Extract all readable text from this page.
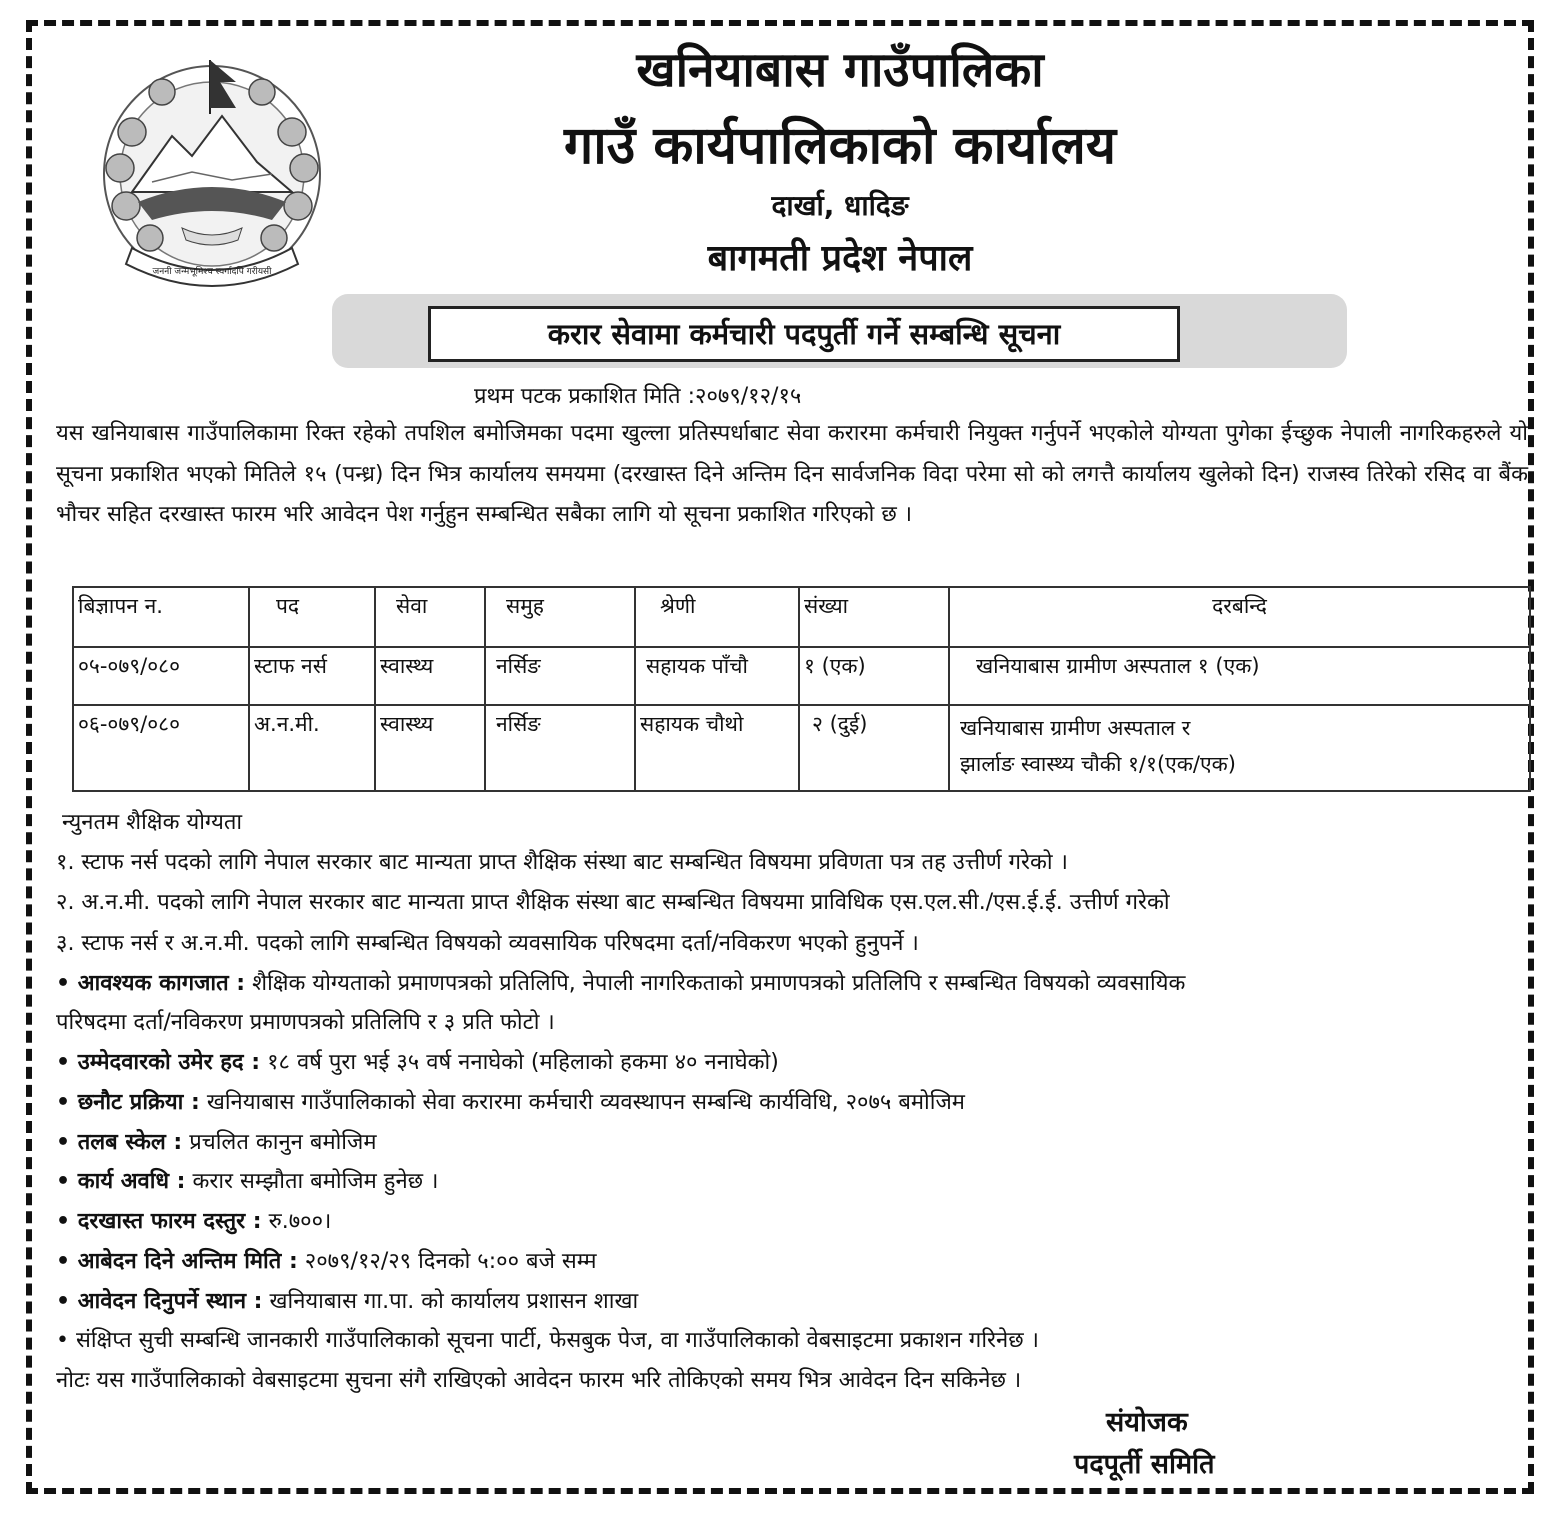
जननी जन्मभूमिश्च स्वर्गादपि गरीयसी
खनियाबास गाउँपालिका
गाउँ कार्यपालिकाको कार्यालय
दार्खा, धादिङ
बागमती प्रदेश नेपाल
करार सेवामा कर्मचारी पदपुर्ती गर्ने सम्बन्धि सूचना
प्रथम पटक प्रकाशित मिति :२०७९/१२/१५
यस खनियाबास गाउँपालिकामा रिक्त रहेको तपशिल बमोजिमका पदमा खुल्ला प्रतिस्पर्धाबाट सेवा करारमा कर्मचारी नियुक्त गर्नुपर्ने भएकोले योग्यता पुगेका ईच्छुक नेपाली नागरिकहरुले यो सूचना प्रकाशित भएको मितिले १५ (पन्ध्र) दिन भित्र कार्यालय समयमा (दरखास्त दिने अन्तिम दिन सार्वजनिक विदा परेमा सो को लगत्तै कार्यालय खुलेको दिन) राजस्व तिरेको रसिद वा बैंक भौचर सहित दरखास्त फारम भरि आवेदन पेश गर्नुहुन सम्बन्धित सबैका लागि यो सूचना प्रकाशित गरिएको छ ।
बिज्ञापन न.	पद	सेवा	समुह	श्रेणी	संख्या	दरबन्दि
०५-०७९/०८०	स्टाफ नर्स	स्वास्थ्य	नर्सिङ	सहायक पाँचौ	१ (एक)	खनियाबास ग्रामीण अस्पताल १ (एक)

०६-०७९/०८०	अ.न.मी.	स्वास्थ्य	नर्सिङ	सहायक चौथो	२ (दुई)	खनियाबास ग्रामीण अस्पताल र
झार्लाङ स्वास्थ्य चौकी १/१(एक/एक)
न्युनतम शैक्षिक योग्यता
१. स्टाफ नर्स पदको लागि नेपाल सरकार बाट मान्यता प्राप्त शैक्षिक संस्था बाट सम्बन्धित विषयमा प्रविणता पत्र तह उत्तीर्ण गरेको ।
२. अ.न.मी. पदको लागि नेपाल सरकार बाट मान्यता प्राप्त शैक्षिक संस्था बाट सम्बन्धित विषयमा प्राविधिक एस.एल.सी./एस.ई.ई. उत्तीर्ण गरेको
३. स्टाफ नर्स र अ.न.मी. पदको लागि सम्बन्धित विषयको व्यवसायिक परिषदमा दर्ता/नविकरण भएको हुनुपर्ने ।
• आवश्यक कागजात : शैक्षिक योग्यताको प्रमाणपत्रको प्रतिलिपि, नेपाली नागरिकताको प्रमाणपत्रको प्रतिलिपि र सम्बन्धित विषयको व्यवसायिक
परिषदमा दर्ता/नविकरण प्रमाणपत्रको प्रतिलिपि र ३ प्रति फोटो ।
• उम्मेदवारको उमेर हद : १८ वर्ष पुरा भई ३५ वर्ष ननाघेको (महिलाको हकमा ४० ननाघेको)
• छनौट प्रक्रिया : खनियाबास गाउँपालिकाको सेवा करारमा कर्मचारी व्यवस्थापन सम्बन्धि कार्यविधि, २०७५ बमोजिम
• तलब स्केल : प्रचलित कानुन बमोजिम
• कार्य अवधि : करार सम्झौता बमोजिम हुनेछ ।
• दरखास्त फारम दस्तुर : रु.७००।
• आबेदन दिने अन्तिम मिति : २०७९/१२/२९ दिनको ५:०० बजे सम्म
• आवेदन दिनुपर्ने स्थान : खनियाबास गा.पा. को कार्यालय प्रशासन शाखा
• संक्षिप्त सुची सम्बन्धि जानकारी गाउँपालिकाको सूचना पार्टी, फेसबुक पेज, वा गाउँपालिकाको वेबसाइटमा प्रकाशन गरिनेछ ।
नोटः यस गाउँपालिकाको वेबसाइटमा सुचना संगै राखिएको आवेदन फारम भरि तोकिएको समय भित्र आवेदन दिन सकिनेछ ।
संयोजक
पदपूर्ती समिति
